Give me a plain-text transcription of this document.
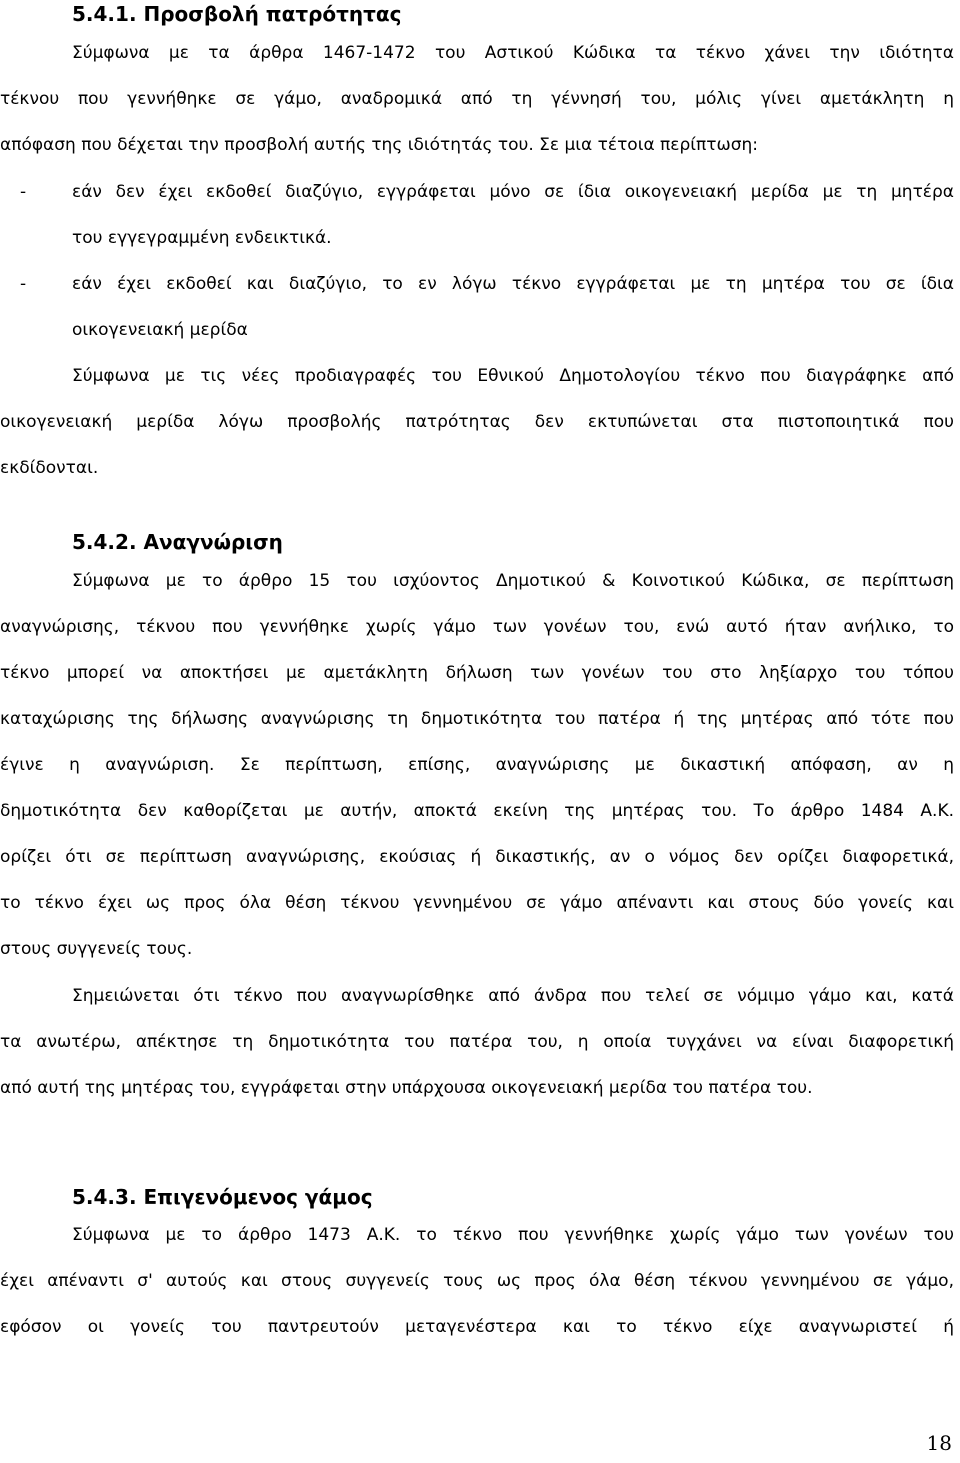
5.4.1. Προσβολή πατρότητας
Σύμφωνα με τα άρθρα 1467-1472 του Αστικού Κώδικα τα τέκνο χάνει την ιδιότητα
τέκνου που γεννήθηκε σε γάμο, αναδρομικά από τη γέννησή του, μόλις γίνει αμετάκλητη η
απόφαση που δέχεται την προσβολή αυτής της ιδιότητάς του. Σε μια τέτοια περίπτωση:
-	εάν δεν έχει εκδοθεί διαζύγιο, εγγράφεται μόνο σε ίδια οικογενειακή μερίδα με τη μητέρα
του εγγεγραμμένη ενδεικτικά.
-	εάν έχει εκδοθεί και διαζύγιο, το εν λόγω τέκνο εγγράφεται με τη μητέρα του σε ίδια
οικογενειακή μερίδα
Σύμφωνα με τις νέες προδιαγραφές του Εθνικού Δημοτολογίου τέκνο που διαγράφηκε από
οικογενειακή μερίδα λόγω προσβολής πατρότητας δεν εκτυπώνεται στα πιστοποιητικά που
εκδίδονται.
5.4.2. Αναγνώριση
Σύμφωνα με το άρθρο 15 του ισχύοντος Δημοτικού & Κοινοτικού Κώδικα, σε περίπτωση
αναγνώρισης, τέκνου που γεννήθηκε χωρίς γάμο των γονέων του, ενώ αυτό ήταν ανήλικο, το
τέκνο μπορεί να αποκτήσει με αμετάκλητη δήλωση των γονέων του στο ληξίαρχο του τόπου
καταχώρισης της δήλωσης αναγνώρισης τη δημοτικότητα του πατέρα ή της μητέρας από τότε που
έγινε η αναγνώριση. Σε περίπτωση, επίσης, αναγνώρισης με δικαστική απόφαση, αν η
δημοτικότητα δεν καθορίζεται με αυτήν, αποκτά εκείνη της μητέρας του. Το άρθρο 1484 Α.Κ.
ορίζει ότι σε περίπτωση αναγνώρισης, εκούσιας ή δικαστικής, αν ο νόμος δεν ορίζει διαφορετικά,
το τέκνο έχει ως προς όλα θέση τέκνου γεννημένου σε γάμο απέναντι και στους δύο γονείς και
στους συγγενείς τους.
Σημειώνεται ότι τέκνο που αναγνωρίσθηκε από άνδρα που τελεί σε νόμιμο γάμο και, κατά
τα ανωτέρω, απέκτησε τη δημοτικότητα του πατέρα του, η οποία τυγχάνει να είναι διαφορετική
από αυτή της μητέρας του, εγγράφεται στην υπάρχουσα οικογενειακή μερίδα του πατέρα του.
5.4.3. Επιγενόμενος γάμος
Σύμφωνα με το άρθρο 1473 Α.Κ. το τέκνο που γεννήθηκε χωρίς γάμο των γονέων του
έχει απέναντι σ' αυτούς και στους συγγενείς τους ως προς όλα θέση τέκνου γεννημένου σε γάμο,
εφόσον οι γονείς του παντρευτούν μεταγενέστερα και το τέκνο είχε αναγνωριστεί ή
18
